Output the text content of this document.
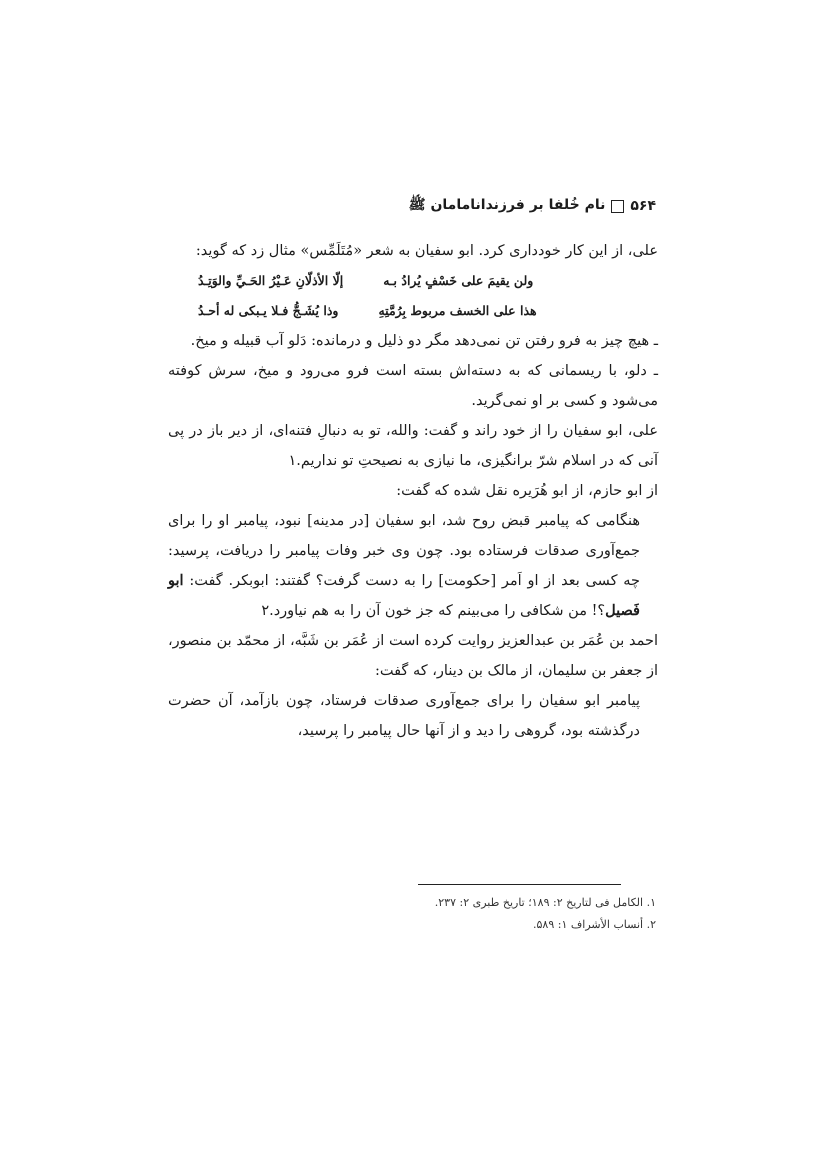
۵۶۴
نام خُلفا بر فرزندانامامان ﷺ

علی، از این کار خودداری کرد. ابو سفیان به شعر «مُتَلَمِّس» مثال زد که گوید:

ولن یقیمَ علی خَسْفٍ یُرادُ بـه
إلّا الأذلّانِ عَـيْرُ الحَـيِّ والوَتِـدُ
هذا علی الخسف مربوط بِرُمَّتِهِ
وذا یُشَـجُّ فـلا یـبکی له أحـدُ

ـ هیچ چیز به فرو رفتن تن نمی‌دهد مگر دو ذلیل و درمانده: دَلو آب قبیله و میخ.

ـ دلو، با ریسمانی که به دسته‌اش بسته است فرو می‌رود و میخ، سرش کوفته می‌شود و کسی بر او نمی‌گرید.

علی، ابو سفیان را از خود راند و گفت: والله، تو به دنبالِ فتنه‌ای، از دیر باز در پی آنی که در اسلام شرّ برانگیزی، ما نیازی به نصیحتِ تو نداریم.۱

از ابو حازم، از ابو هُرَیره نقل شده که گفت:

هنگامی که پیامبر قبض روح شد، ابو سفیان [در مدینه] نبود، پیامبر او را برای جمع‌آوری صدقات فرستاده بود. چون وی خبر وفات پیامبر را دریافت، پرسید: چه کسی بعد از او اَمر [حکومت] را به دست گرفت؟ گفتند: ابوبکر. گفت: ابو فَصیل؟! من شکافی را می‌بینم که جز خون آن را به هم نیاورد.۲

احمد بن عُمَر بن عبدالعزیز روایت کرده است از عُمَر بن شَبَّه، از محمّد بن منصور، از جعفر بن سلیمان، از مالک بن دینار، که گفت:

پیامبر ابو سفیان را برای جمع‌آوری صدقات فرستاد، چون بازآمد، آن حضرت درگذشته بود، گروهی را دید و از آنها حال پیامبر را پرسید،

۱. الکامل فی لتاریخ ۲: ۱۸۹؛ تاریخ طبری ۲: ۲۳۷.
۲. أنساب الأشراف ۱: ۵۸۹.
